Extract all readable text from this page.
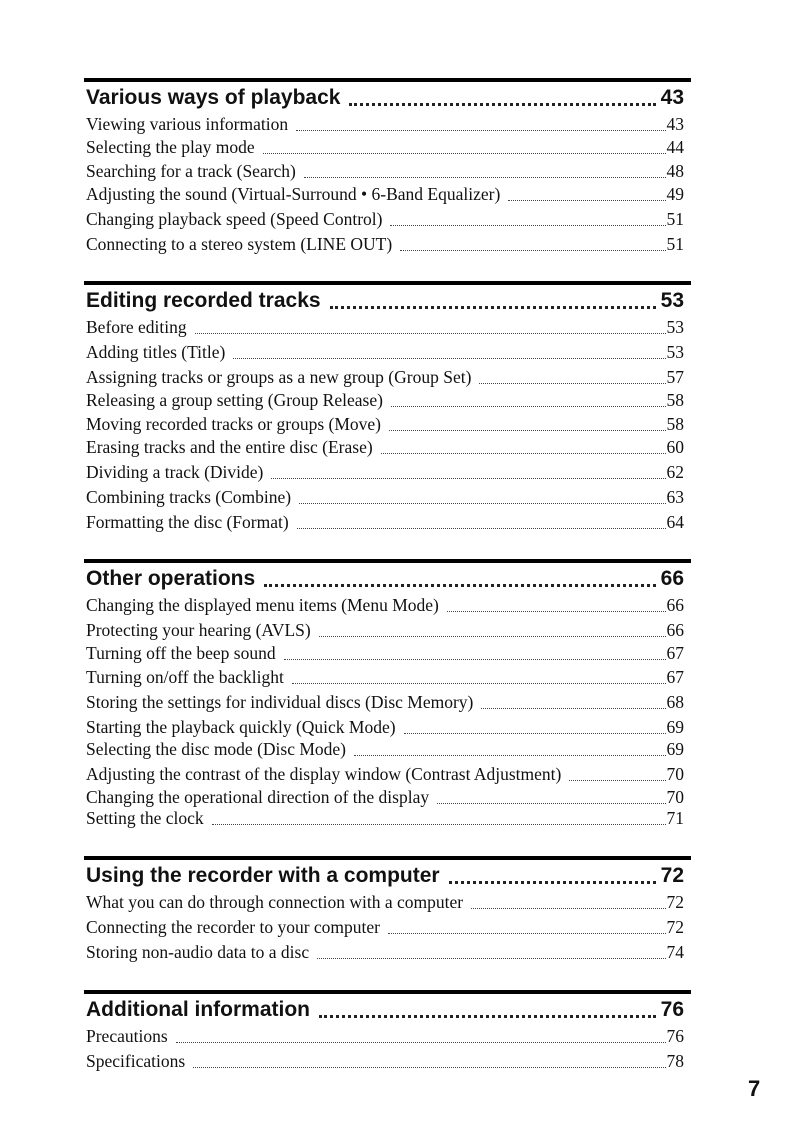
Various ways of playback	43
Viewing various information	43
Selecting the play mode	44
Searching for a track (Search)	48
Adjusting the sound (Virtual-Surround • 6-Band Equalizer)	49
Changing playback speed (Speed Control)	51
Connecting to a stereo system (LINE OUT)	51
Editing recorded tracks	53
Before editing	53
Adding titles (Title)	53
Assigning tracks or groups as a new group (Group Set)	57
Releasing a group setting (Group Release)	58
Moving recorded tracks or groups (Move)	58
Erasing tracks and the entire disc (Erase)	60
Dividing a track (Divide)	62
Combining tracks (Combine)	63
Formatting the disc (Format)	64
Other operations	66
Changing the displayed menu items (Menu Mode)	66
Protecting your hearing (AVLS)	66
Turning off the beep sound	67
Turning on/off the backlight	67
Storing the settings for individual discs (Disc Memory)	68
Starting the playback quickly (Quick Mode)	69
Selecting the disc mode (Disc Mode)	69
Adjusting the contrast of the display window (Contrast Adjustment)	70
Changing the operational direction of the display	70
Setting the clock	71
Using the recorder with a computer	72
What you can do through connection with a computer	72
Connecting the recorder to your computer	72
Storing non-audio data to a disc	74
Additional information	76
Precautions	76
Specifications	78
7
